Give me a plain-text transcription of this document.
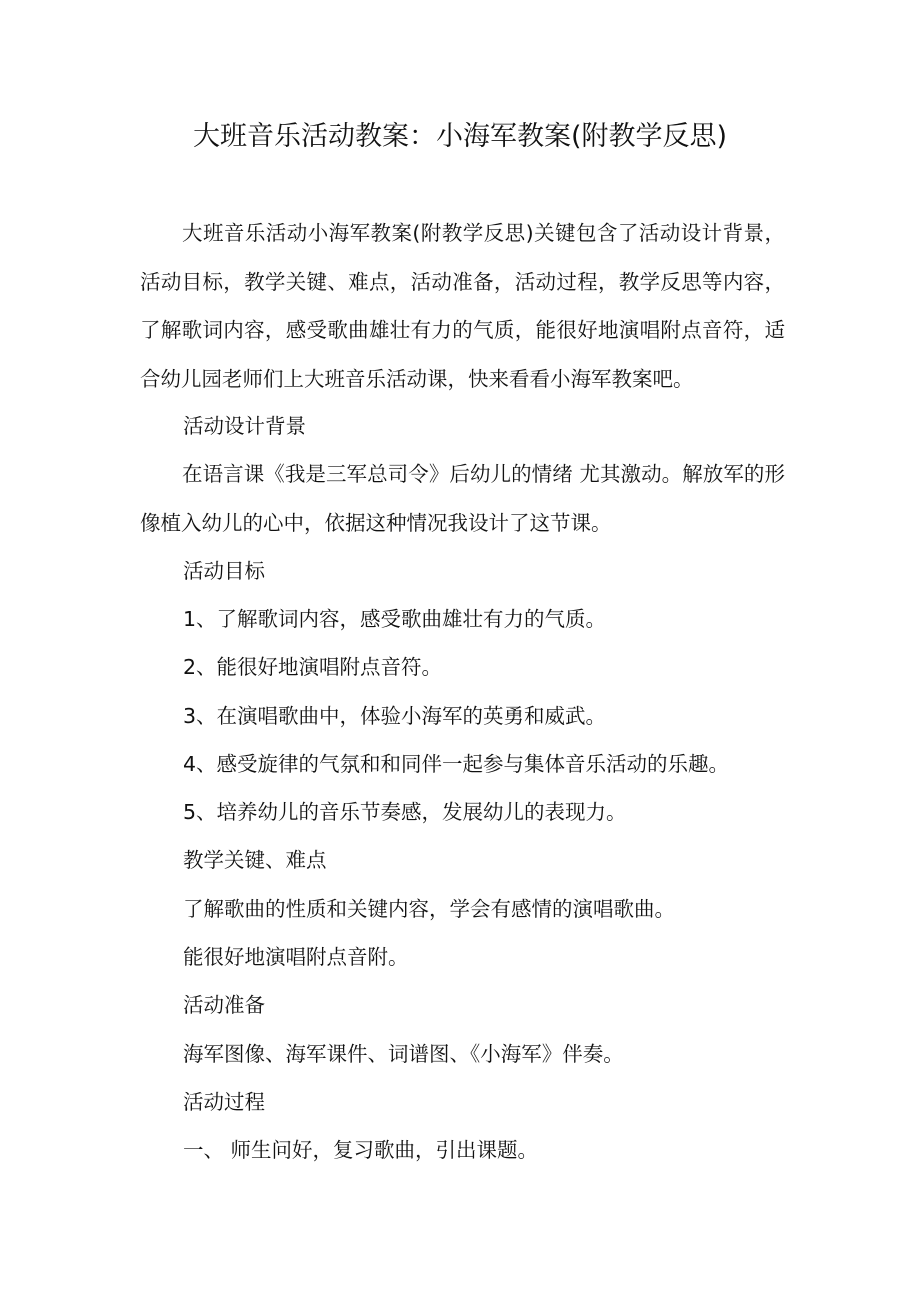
大班音乐活动教案：小海军教案(附教学反思)

大班音乐活动小海军教案(附教学反思)关键包含了活动设计背景，活动目标，教学关键、难点，活动准备，活动过程，教学反思等内容，了解歌词内容，感受歌曲雄壮有力的气质，能很好地演唱附点音符，适合幼儿园老师们上大班音乐活动课，快来看看小海军教案吧。

活动设计背景

在语言课《我是三军总司令》后幼儿的情绪 尤其激动。解放军的形像植入幼儿的心中，依据这种情况我设计了这节课。

活动目标
1、了解歌词内容，感受歌曲雄壮有力的气质。
2、能很好地演唱附点音符。
3、在演唱歌曲中，体验小海军的英勇和威武。
4、感受旋律的气氛和和同伴一起参与集体音乐活动的乐趣。
5、培养幼儿的音乐节奏感，发展幼儿的表现力。
教学关键、难点
了解歌曲的性质和关键内容，学会有感情的演唱歌曲。
能很好地演唱附点音附。
活动准备
海军图像、海军课件、词谱图、《小海军》伴奏。
活动过程
一、 师生问好，复习歌曲，引出课题。
